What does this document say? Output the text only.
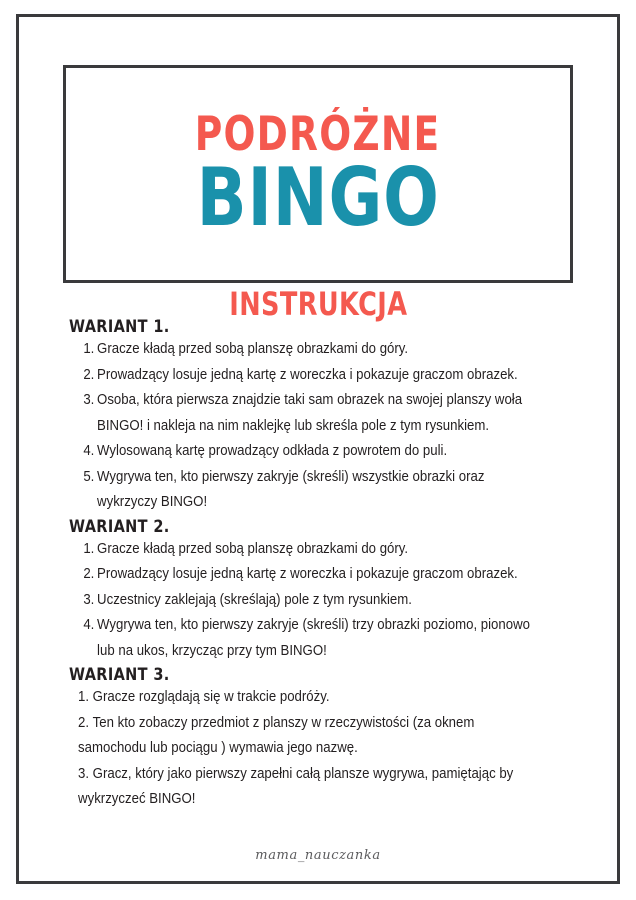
PODRÓŻNE
BINGO
INSTRUKCJA
WARIANT 1.
1. Gracze kładą przed sobą planszę obrazkami do góry.
2. Prowadzący losuje jedną kartę z woreczka i pokazuje graczom obrazek.
3. Osoba, która pierwsza znajdzie taki sam obrazek na swojej planszy woła BINGO! i nakleja na nim naklejkę lub skreśla pole z tym rysunkiem.
4. Wylosowaną kartę prowadzący odkłada z powrotem do puli.
5. Wygrywa ten, kto pierwszy zakryje (skreśli) wszystkie obrazki oraz wykrzyczy BINGO!
WARIANT 2.
1. Gracze kładą przed sobą planszę obrazkami do góry.
2. Prowadzący losuje jedną kartę z woreczka i pokazuje graczom obrazek.
3. Uczestnicy zaklejają (skreślają) pole z tym rysunkiem.
4. Wygrywa ten, kto pierwszy zakryje (skreśli) trzy obrazki poziomo, pionowo lub na ukos, krzycząc przy tym BINGO!
WARIANT 3.
1. Gracze rozglądają się w trakcie podróży.
2. Ten kto zobaczy przedmiot z planszy w rzeczywistości (za oknem samochodu lub pociągu ) wymawia jego nazwę.
3. Gracz, który jako pierwszy zapełni całą plansze wygrywa, pamiętając by wykrzyczeć BINGO!
mama_nauczanka
